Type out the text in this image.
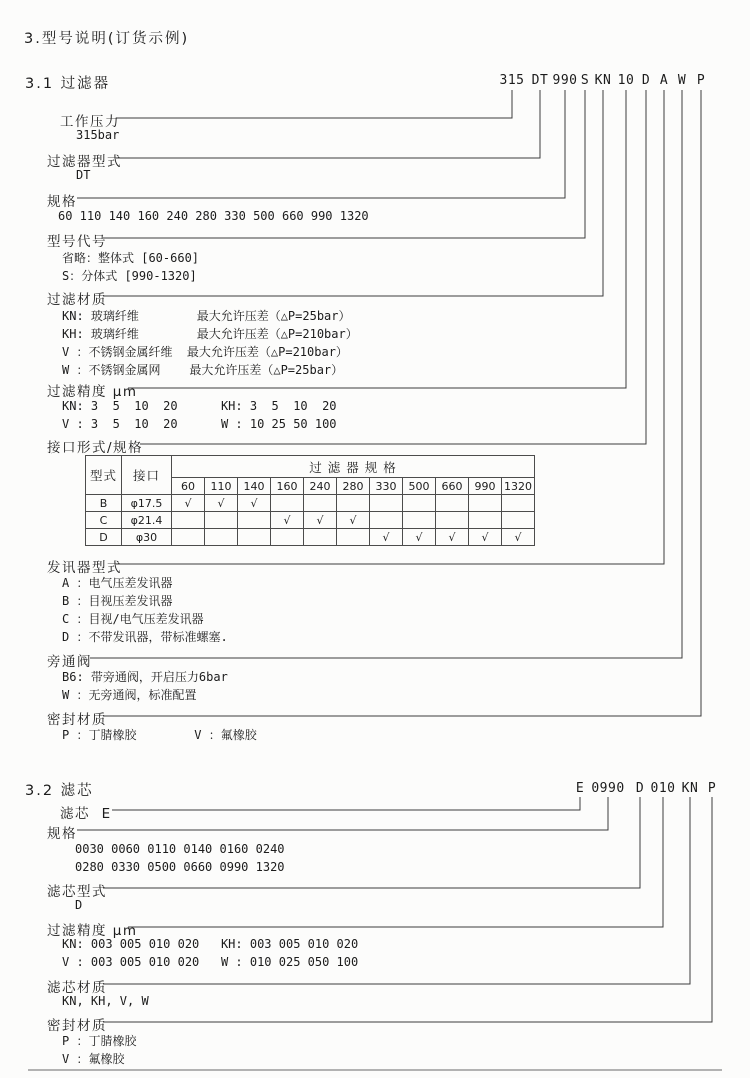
3.型号说明(订货示例)
3.1 过滤器	315 DT 990 S KN 10 D A W P
工作压力
315bar
过滤器型式
DT
规格
60 110 140 160 240 280 330 500 660 990 1320
型号代号
省略：整体式 [60-660]
S：分体式 [990-1320]
过滤材质
KN: 玻璃纤维        最大允许压差（△P=25bar）
KH: 玻璃纤维        最大允许压差（△P=210bar）
V ：不锈钢金属纤维  最大允许压差（△P=210bar）
W ：不锈钢金属网    最大允许压差（△P=25bar）
过滤精度 μm
KN: 3  5  10  20      KH: 3  5  10  20
V : 3  5  10  20      W : 10 25 50 100
接口形式/规格
型式	接口	过 滤 器 规 格										
		60	110	140	160	240	280	330	500	660	990	1320
B	φ17.5	√	√	√								
C	φ21.4				√	√	√					
D	φ30							√	√	√	√	√
发讯器型式
A ：电气压差发讯器
B ：目视压差发讯器
C ：目视/电气压差发讯器
D ：不带发讯器，带标准螺塞.
旁通阀
B6: 带旁通阀，开启压力6bar
W ：无旁通阀，标准配置
密封材质
P ：丁腈橡胶        V ：氟橡胶
3.2 滤芯	E 0990 D 010 KN P
滤芯  E
规格
0030 0060 0110 0140 0160 0240
0280 0330 0500 0660 0990 1320
滤芯型式
D
过滤精度 μm
KN: 003 005 010 020   KH: 003 005 010 020
V : 003 005 010 020   W : 010 025 050 100
滤芯材质
KN, KH, V, W
密封材质
P ：丁腈橡胶
V ：氟橡胶
